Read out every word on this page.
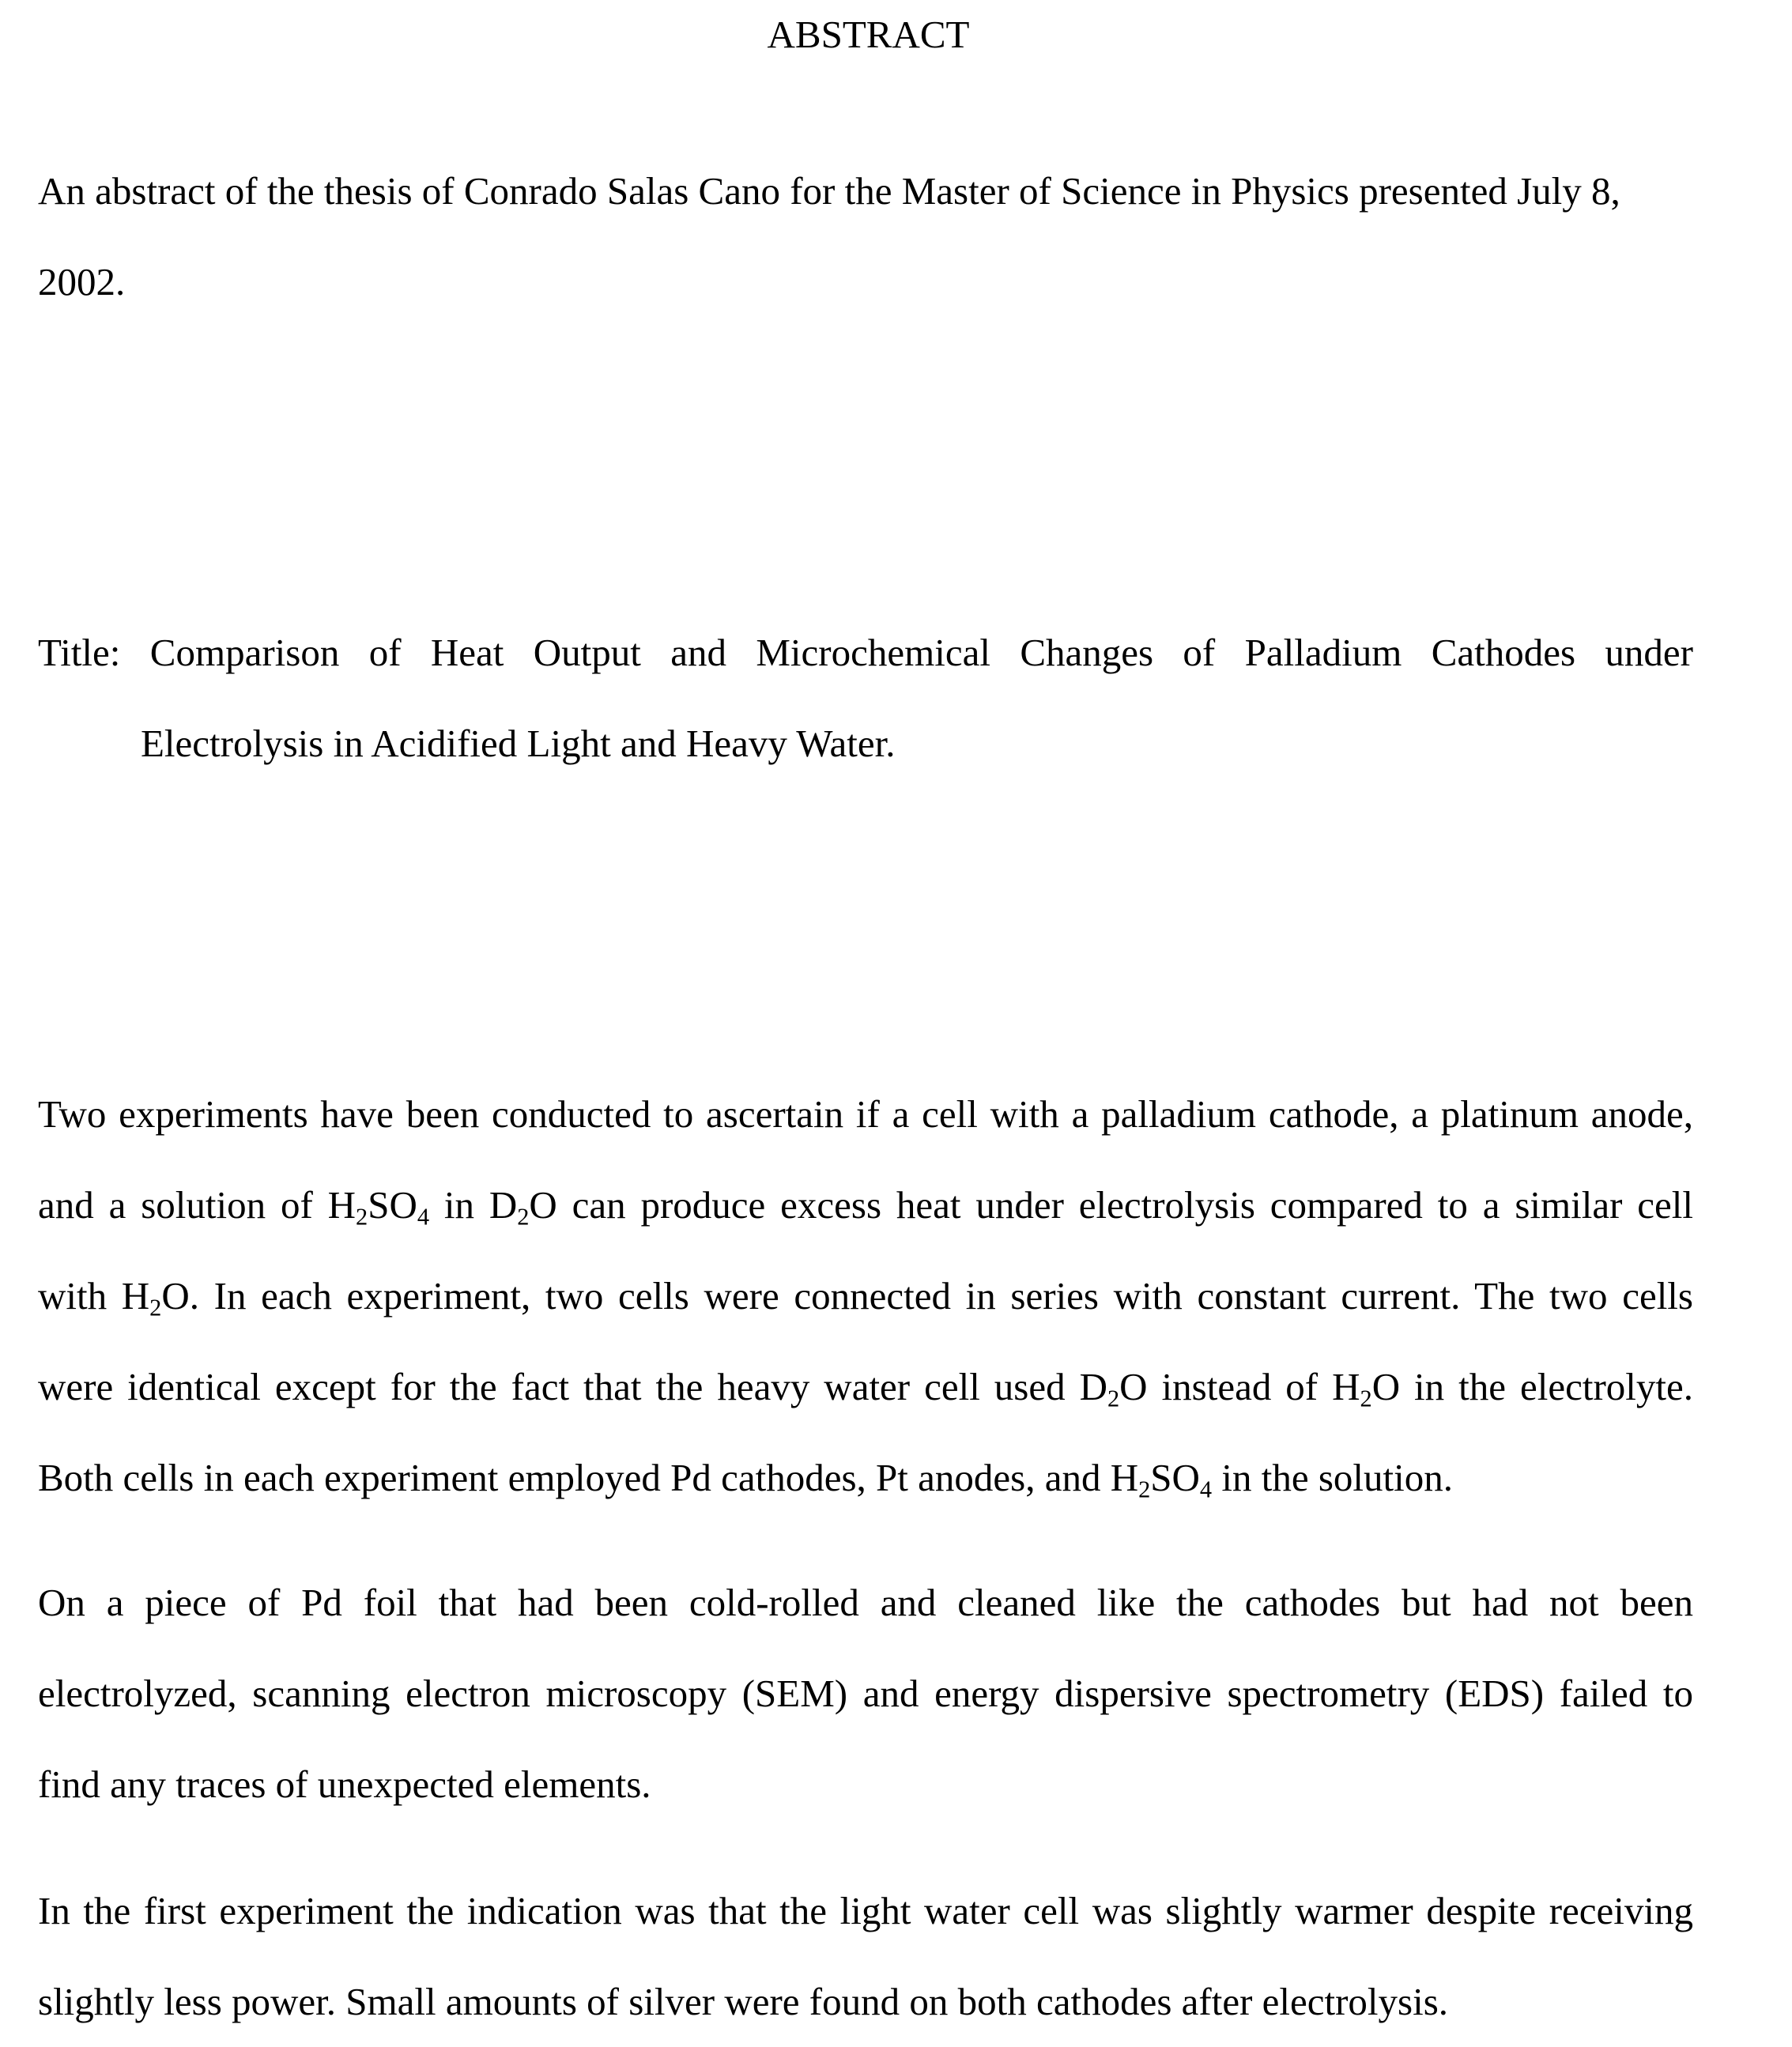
ABSTRACT
An abstract of the thesis of Conrado Salas Cano for the Master of Science in Physics presented July 8,
2002.
Title: Comparison of Heat Output and Microchemical Changes of Palladium Cathodes under
Electrolysis in Acidified Light and Heavy Water.
Two experiments have been conducted to ascertain if a cell with a palladium cathode, a platinum anode,
and a solution of $H_2SO_4$ in $D_2O$ can produce excess heat under electrolysis compared to a similar cell
with $H_2O$. In each experiment, two cells were connected in series with constant current. The two cells
were identical except for the fact that the heavy water cell used $D_2O$ instead of $H_2O$ in the electrolyte.
Both cells in each experiment employed Pd cathodes, Pt anodes, and $H_2SO_4$ in the solution.
On a piece of Pd foil that had been cold-rolled and cleaned like the cathodes but had not been
electrolyzed, scanning electron microscopy (SEM) and energy dispersive spectrometry (EDS) failed to
find any traces of unexpected elements.
In the first experiment the indication was that the light water cell was slightly warmer despite receiving
slightly less power. Small amounts of silver were found on both cathodes after electrolysis.
